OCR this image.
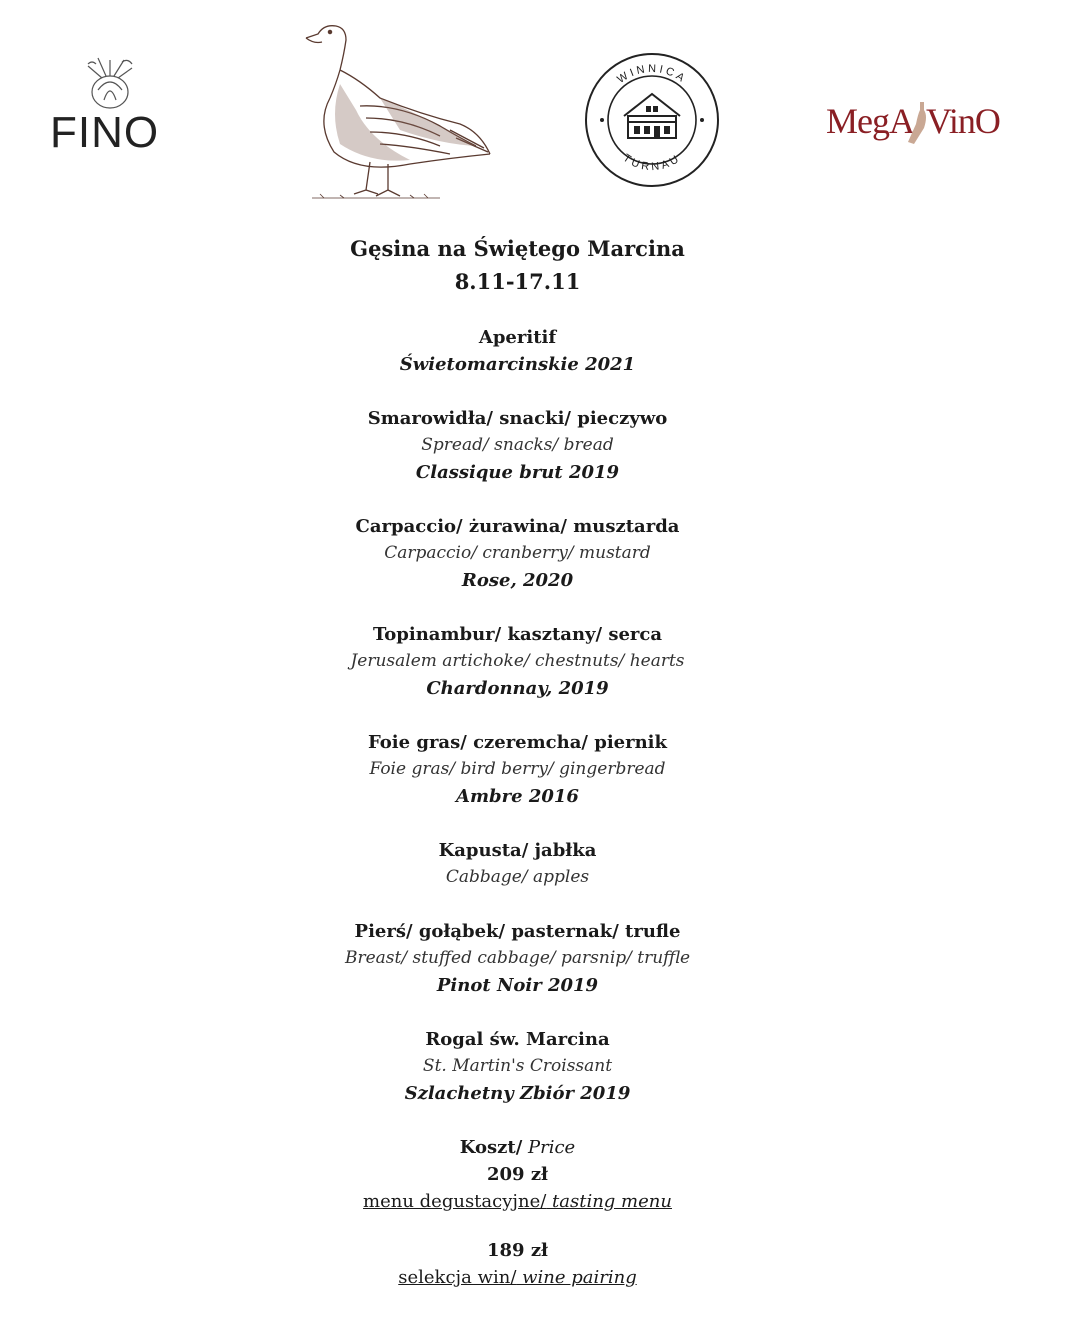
FINO
WINNICA
TURNAU
MegA VinO
Gęsina na Świętego Marcina
8.11-17.11
Aperitif
Świetomarcinskie 2021
Smarowidła/ snacki/ pieczywo
Spread/ snacks/ bread
Classique brut 2019
Carpaccio/ żurawina/ musztarda
Carpaccio/ cranberry/ mustard
Rose, 2020
Topinambur/ kasztany/ serca
Jerusalem artichoke/ chestnuts/ hearts
Chardonnay, 2019
Foie gras/ czeremcha/ piernik
Foie gras/ bird berry/ gingerbread
Ambre 2016
Kapusta/ jabłka
Cabbage/ apples
Pierś/ gołąbek/ pasternak/ trufle
Breast/ stuffed cabbage/ parsnip/ truffle
Pinot Noir 2019
Rogal św. Marcina
St. Martin's Croissant
Szlachetny Zbiór 2019
Koszt/ Price
209 zł
menu degustacyjne/ tasting menu
189 zł
selekcja win/ wine pairing
